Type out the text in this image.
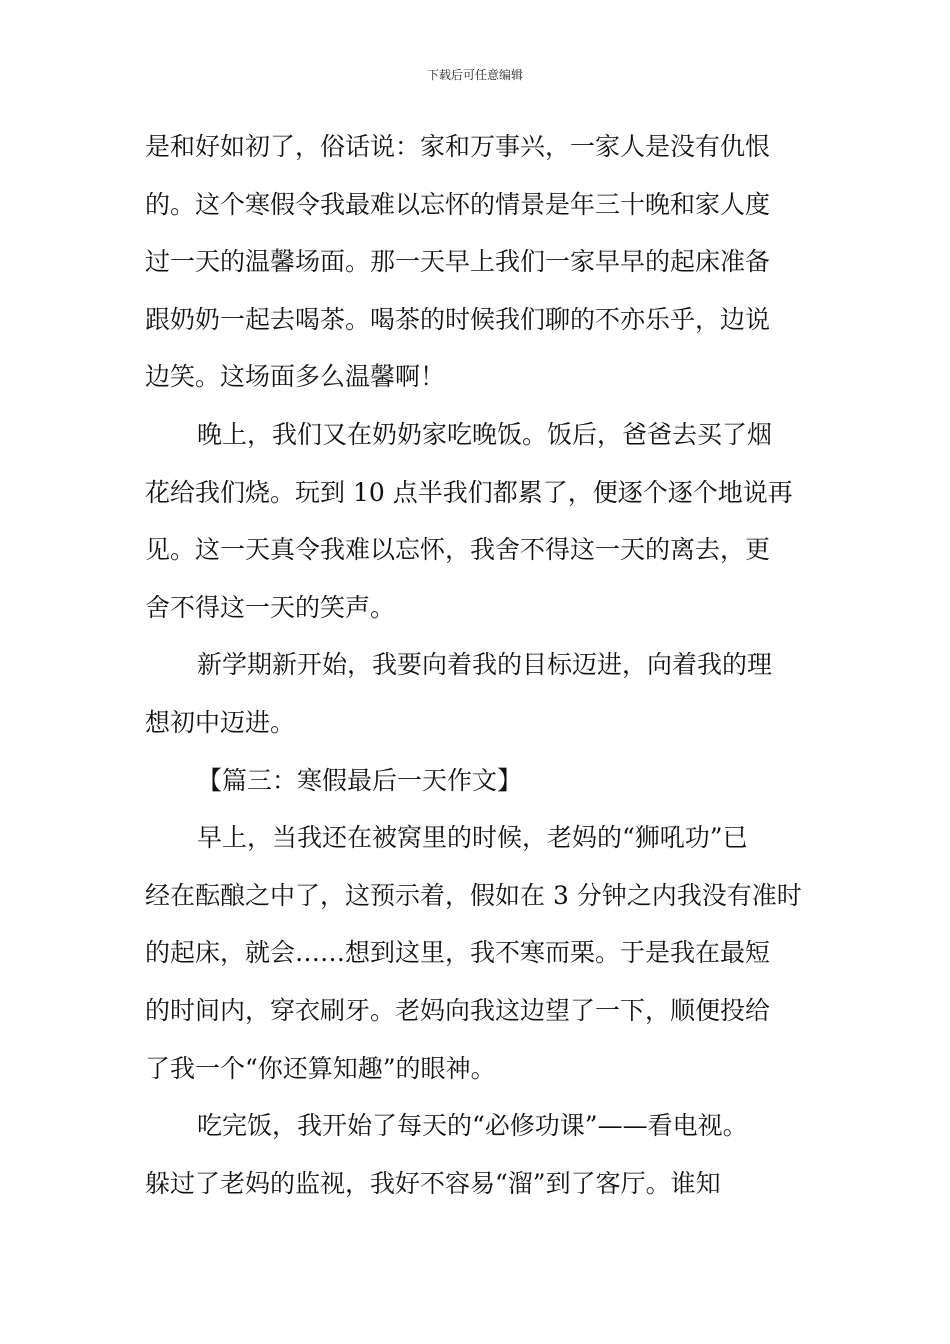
下载后可任意编辑
是和好如初了，俗话说：家和万事兴，一家人是没有仇恨
的。这个寒假令我最难以忘怀的情景是年三十晚和家人度
过一天的温馨场面。那一天早上我们一家早早的起床准备
跟奶奶一起去喝茶。喝茶的时候我们聊的不亦乐乎，边说
边笑。这场面多么温馨啊！
晚上，我们又在奶奶家吃晚饭。饭后，爸爸去买了烟
花给我们烧。玩到 10 点半我们都累了，便逐个逐个地说再
见。这一天真令我难以忘怀，我舍不得这一天的离去，更
舍不得这一天的笑声。
新学期新开始，我要向着我的目标迈进，向着我的理
想初中迈进。
【篇三：寒假最后一天作文】
早上，当我还在被窝里的时候，老妈的“狮吼功”已
经在酝酿之中了，这预示着，假如在 3 分钟之内我没有准时
的起床，就会……想到这里，我不寒而栗。于是我在最短
的时间内，穿衣刷牙。老妈向我这边望了一下，顺便投给
了我一个“你还算知趣”的眼神。
吃完饭，我开始了每天的“必修功课”——看电视。
躲过了老妈的监视，我好不容易“溜”到了客厅。谁知
